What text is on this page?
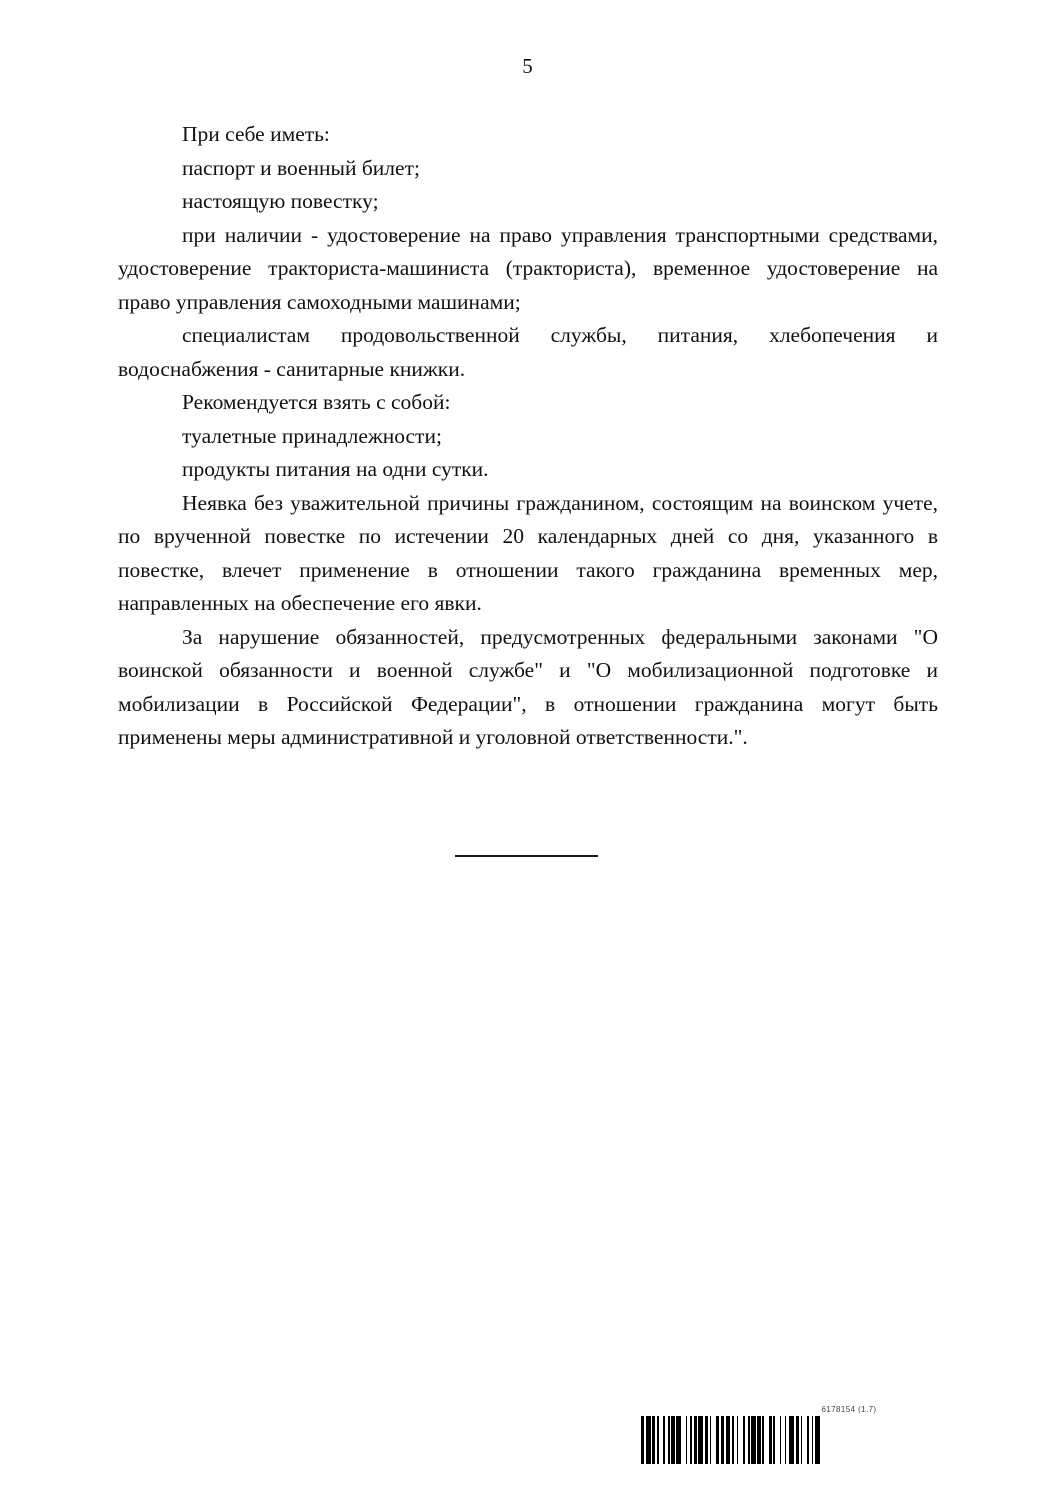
5

При себе иметь:

паспорт и военный билет;

настоящую повестку;

при наличии - удостоверение на право управления транспортными средствами, удостоверение тракториста-машиниста (тракториста), временное удостоверение на право управления самоходными машинами;

специалистам продовольственной службы, питания, хлебопечения и водоснабжения - санитарные книжки.

Рекомендуется взять с собой:

туалетные принадлежности;

продукты питания на одни сутки.

Неявка без уважительной причины гражданином, состоящим на воинском учете, по врученной повестке по истечении 20 календарных дней со дня, указанного в повестке, влечет применение в отношении такого гражданина временных мер, направленных на обеспечение его явки.

За нарушение обязанностей, предусмотренных федеральными законами "О воинской обязанности и военной службе" и "О мобилизационной подготовке и мобилизации в Российской Федерации", в отношении гражданина могут быть применены меры административной и уголовной ответственности.".

6178154 (1.7)
